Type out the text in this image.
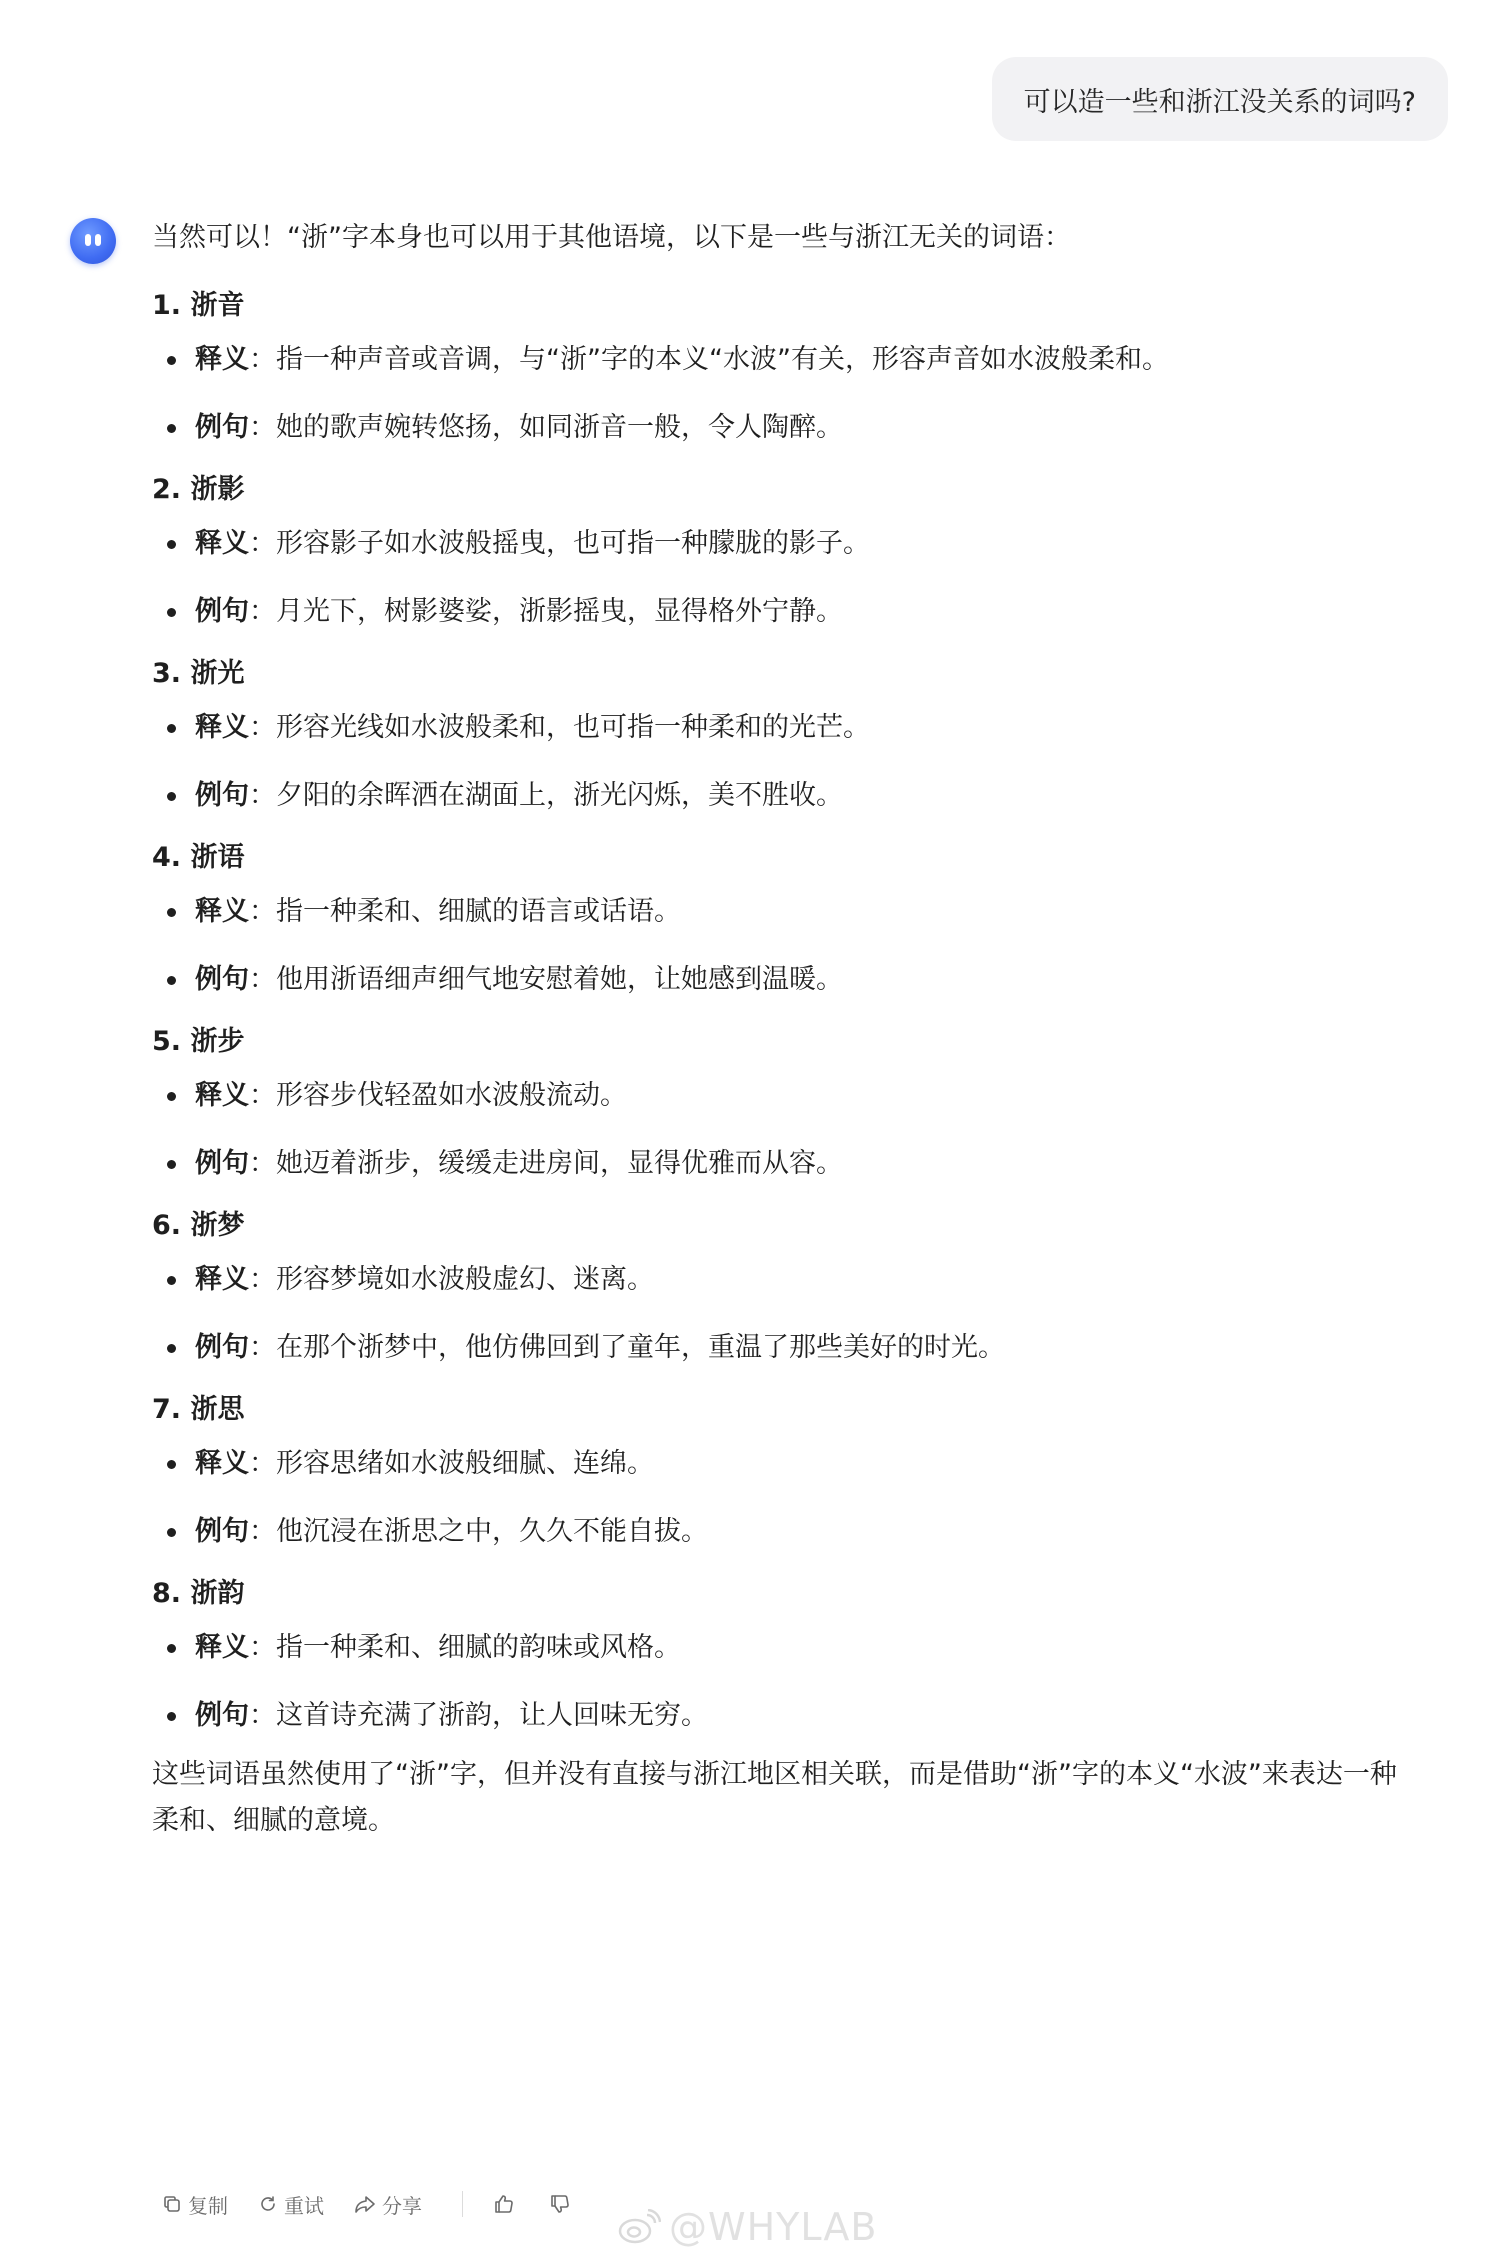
可以造一些和浙江没关系的词吗?

当然可以！“浙”字本身也可以用于其他语境，以下是一些与浙江无关的词语：

1. 浙音

释义：指一种声音或音调，与“浙”字的本义“水波”有关，形容声音如水波般柔和。
例句：她的歌声婉转悠扬，如同浙音一般，令人陶醉。

2. 浙影

释义：形容影子如水波般摇曳，也可指一种朦胧的影子。
例句：月光下，树影婆娑，浙影摇曳，显得格外宁静。

3. 浙光

释义：形容光线如水波般柔和，也可指一种柔和的光芒。
例句：夕阳的余晖洒在湖面上，浙光闪烁，美不胜收。

4. 浙语

释义：指一种柔和、细腻的语言或话语。
例句：他用浙语细声细气地安慰着她，让她感到温暖。

5. 浙步

释义：形容步伐轻盈如水波般流动。
例句：她迈着浙步，缓缓走进房间，显得优雅而从容。

6. 浙梦

释义：形容梦境如水波般虚幻、迷离。
例句：在那个浙梦中，他仿佛回到了童年，重温了那些美好的时光。

7. 浙思

释义：形容思绪如水波般细腻、连绵。
例句：他沉浸在浙思之中，久久不能自拔。

8. 浙韵

释义：指一种柔和、细腻的韵味或风格。
例句：这首诗充满了浙韵，让人回味无穷。

这些词语虽然使用了“浙”字，但并没有直接与浙江地区相关联，而是借助“浙”字的本义“水波”来表达一种柔和、细腻的意境。

复制	重试	分享	@WHYLAB
